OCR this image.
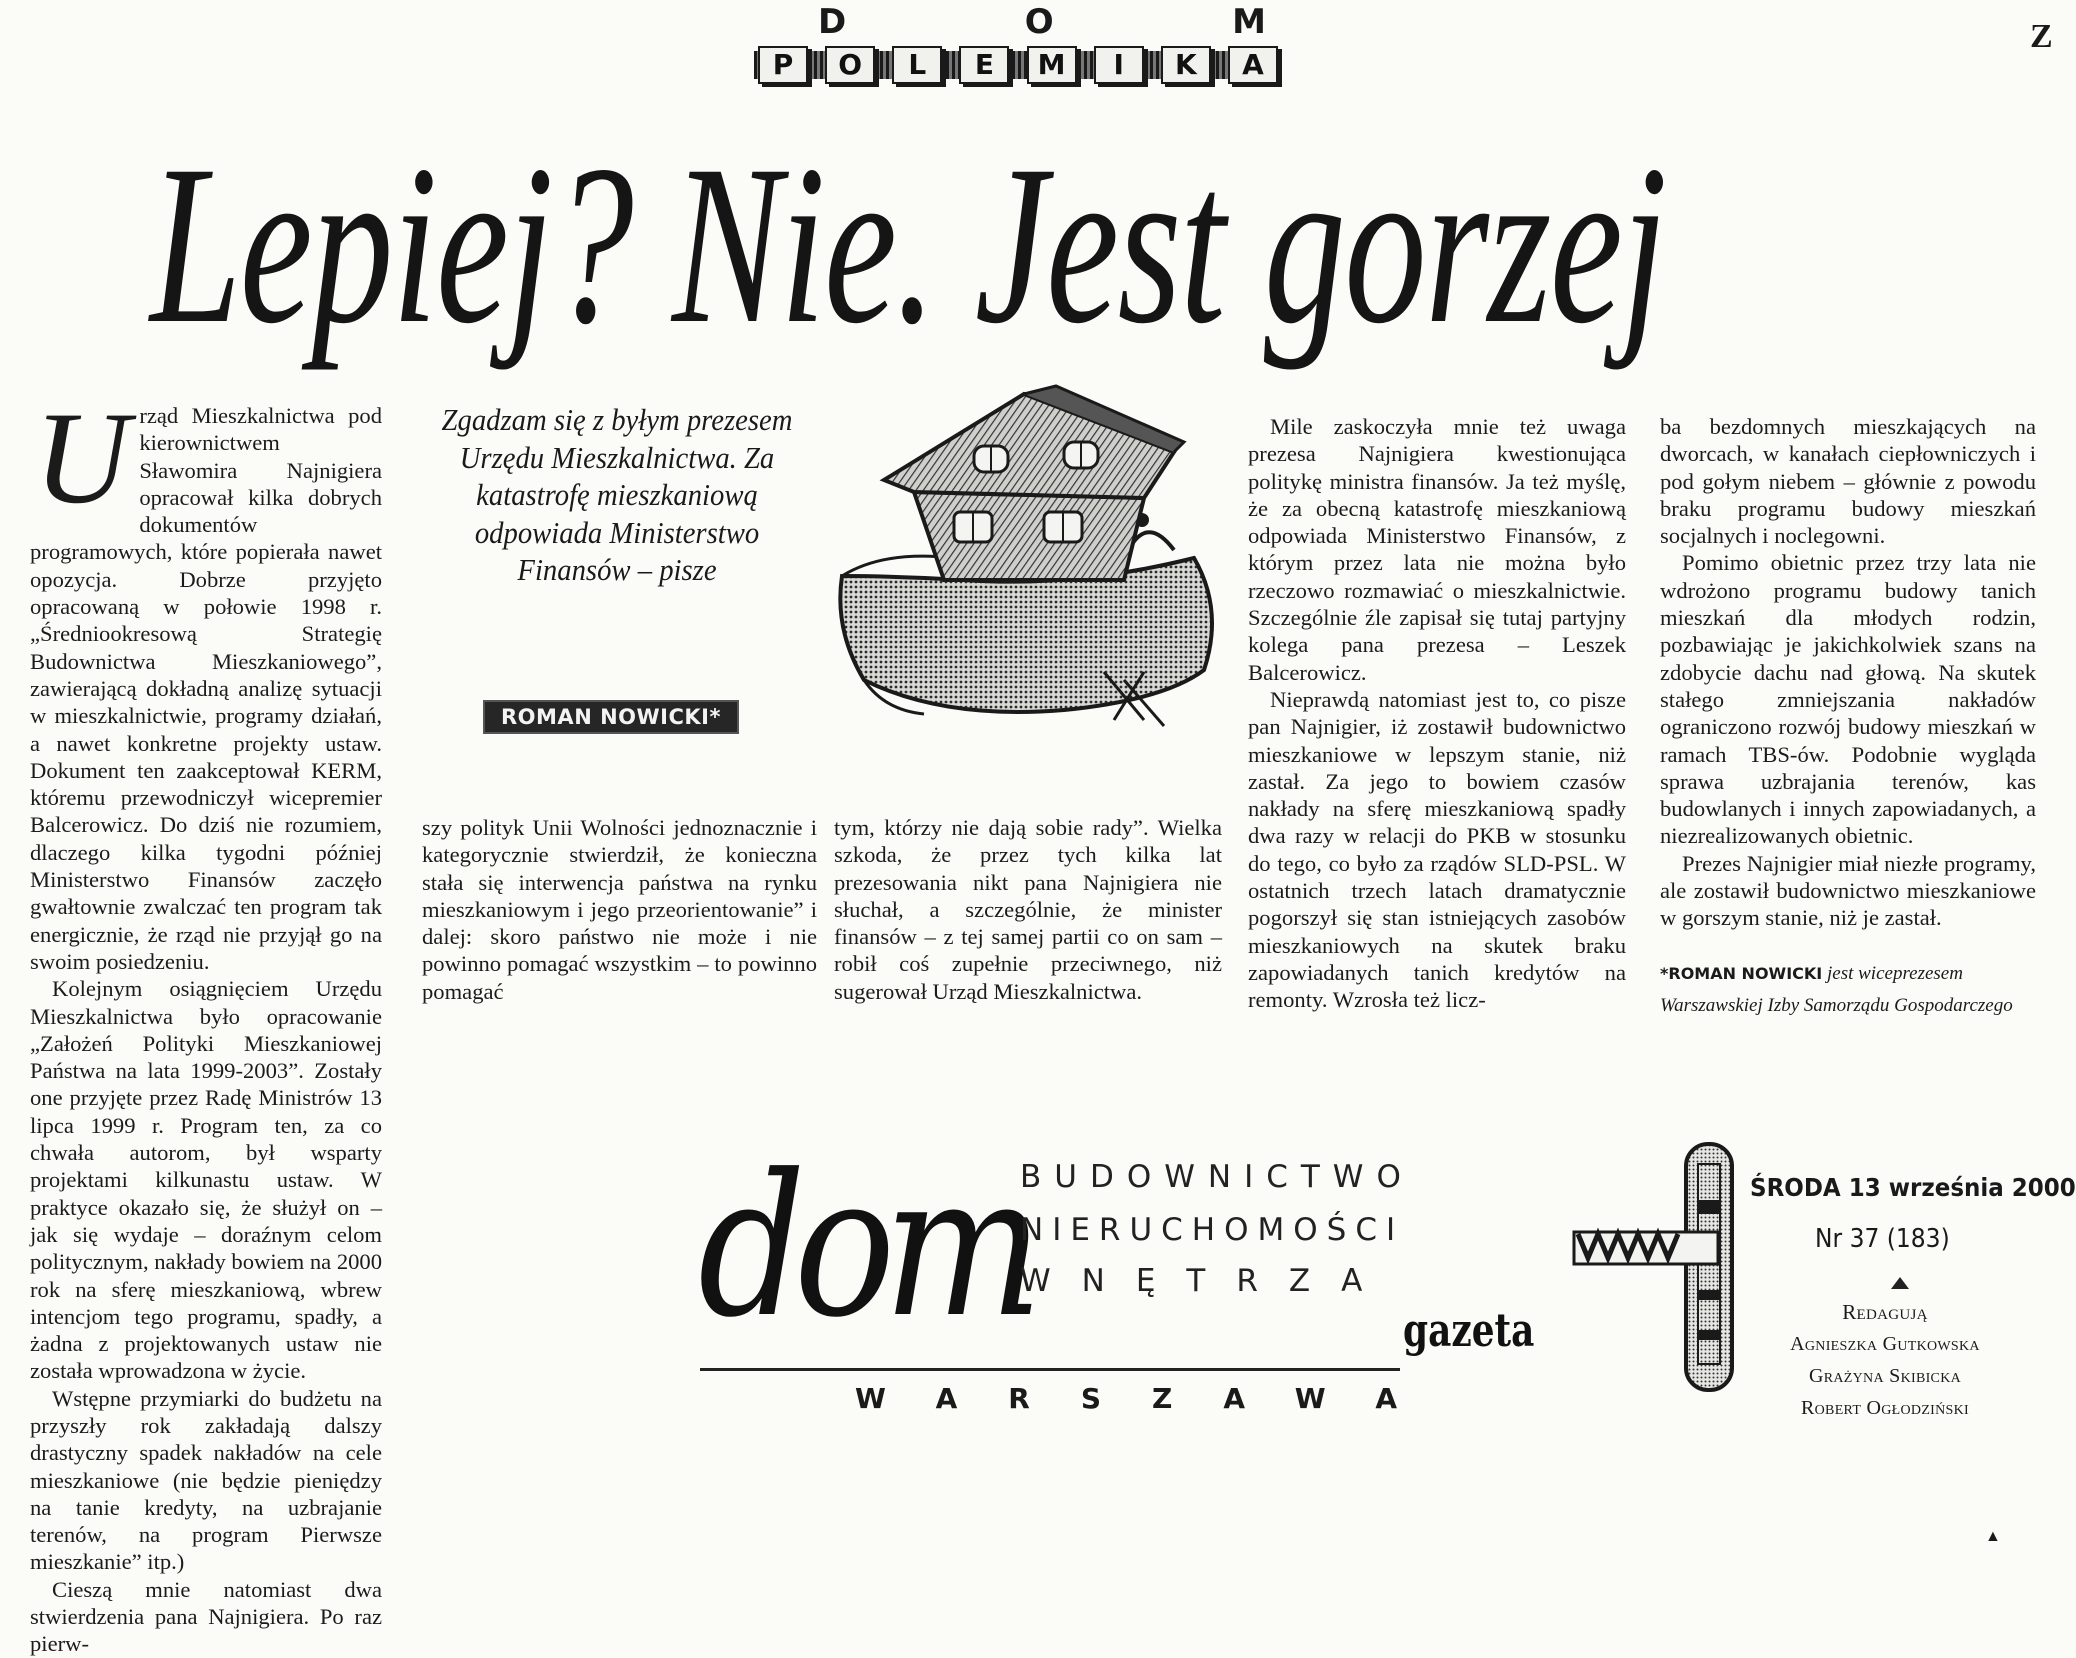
D	O	M
P	O	L	E	M	I	K	A
Z
Lepiej? Nie. Jest gorzej
U rząd Mieszkalnictwa pod kierownictwem Sławomira Najnigiera opracował kilka dobrych dokumentów programowych, które popierała nawet opozycja. Dobrze przyjęto opracowaną w połowie 1998 r. „Średniookresową Strategię Budownictwa Mieszkaniowego”, zawierającą dokładną analizę sytuacji w mieszkalnictwie, programy działań, a nawet konkretne projekty ustaw. Dokument ten zaakceptował KERM, któremu przewodniczył wicepremier Balcerowicz. Do dziś nie rozumiem, dlaczego kilka tygodni później Ministerstwo Finansów zaczęło gwałtownie zwalczać ten program tak energicznie, że rząd nie przyjął go na swoim posiedzeniu.

Kolejnym osiągnięciem Urzędu Mieszkalnictwa było opracowanie „Założeń Polityki Mieszkaniowej Państwa na lata 1999-2003”. Zostały one przyjęte przez Radę Ministrów 13 lipca 1999 r. Program ten, za co chwała autorom, był wsparty projektami kilkunastu ustaw. W praktyce okazało się, że służył on – jak się wydaje – doraźnym celom politycznym, nakłady bowiem na 2000 rok na sferę mieszkaniową, wbrew intencjom tego programu, spadły, a żadna z projektowanych ustaw nie została wprowadzona w życie.

Wstępne przymiarki do budżetu na przyszły rok zakładają dalszy drastyczny spadek nakładów na cele mieszkaniowe (nie będzie pieniędzy na tanie kredyty, na uzbrajanie terenów, na program Pierwsze mieszkanie” itp.)

Cieszą mnie natomiast dwa stwierdzenia pana Najnigiera. Po raz pierw-

Zgadzam się z byłym prezesem Urzędu Mieszkalnictwa. Za katastrofę mieszkaniową odpowiada Ministerstwo Finansów – pisze
ROMAN NOWICKI*

szy polityk Unii Wolności jednoznacznie i kategorycznie stwierdził, że konieczna stała się interwencja państwa na rynku mieszkaniowym i jego przeorientowanie” i dalej: skoro państwo nie może i nie powinno pomagać wszystkim – to powinno pomagać

tym, którzy nie dają sobie rady”. Wielka szkoda, że przez tych kilka lat prezesowania nikt pana Najnigiera nie słuchał, a szczególnie, że minister finansów – z tej samej partii co on sam – robił coś zupełnie przeciwnego, niż sugerował Urząd Mieszkalnictwa.

Mile zaskoczyła mnie też uwaga prezesa Najnigiera kwestionująca politykę ministra finansów. Ja też myślę, że za obecną katastrofę mieszkaniową odpowiada Ministerstwo Finansów, z którym przez lata nie można było rzeczowo rozmawiać o mieszkalnictwie. Szczególnie źle zapisał się tutaj partyjny kolega pana prezesa – Leszek Balcerowicz.

Nieprawdą natomiast jest to, co pisze pan Najnigier, iż zostawił budownictwo mieszkaniowe w lepszym stanie, niż zastał. Za jego to bowiem czasów nakłady na sferę mieszkaniową spadły dwa razy w relacji do PKB w stosunku do tego, co było za rządów SLD-PSL. W ostatnich trzech latach dramatycznie pogorszył się stan istniejących zasobów mieszkaniowych na skutek braku zapowiadanych tanich kredytów na remonty. Wzrosła też licz-

ba bezdomnych mieszkających na dworcach, w kanałach ciepłowniczych i pod gołym niebem – głównie z powodu braku programu budowy mieszkań socjalnych i noclegowni.

Pomimo obietnic przez trzy lata nie wdrożono programu budowy tanich mieszkań dla młodych rodzin, pozbawiając je jakichkolwiek szans na zdobycie dachu nad głową. Na skutek stałego zmniejszania nakładów ograniczono rozwój budowy mieszkań w ramach TBS-ów. Podobnie wygląda sprawa uzbrajania terenów, kas budowlanych i innych zapowiadanych, a niezrealizowanych obietnic.

Prezes Najnigier miał niezłe programy, ale zostawił budownictwo mieszkaniowe w gorszym stanie, niż je zastał.

*ROMAN NOWICKI jest wiceprezesem Warszawskiej Izby Samorządu Gospodarczego
dom
BUDOWNICTWO
NIERUCHOMOŚCI
WNĘTRZA
gazeta
WARSZAWA
ŚRODA 13 września 2000
Nr 37 (183)
Redagują
Agnieszka Gutkowska
Grażyna Skibicka
Robert Ogłodziński
▲
